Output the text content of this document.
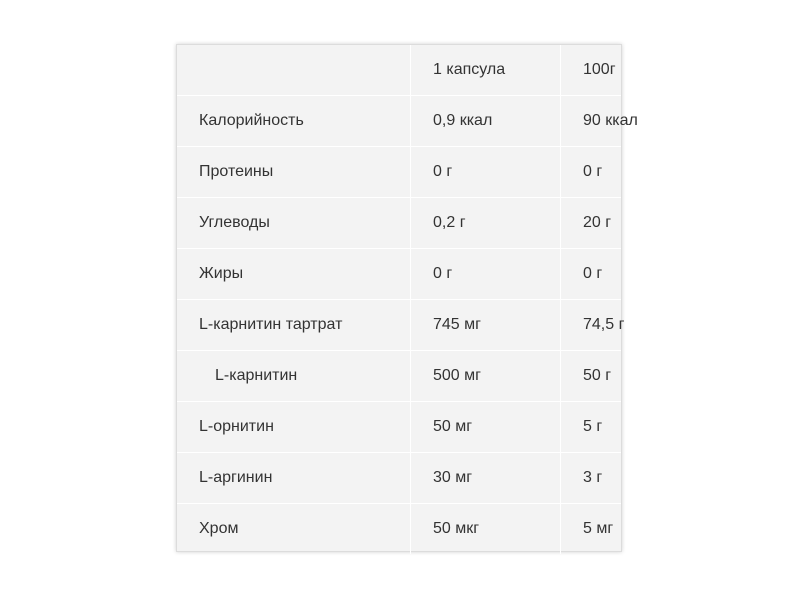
	1 капсула	100г
Калорийность	0,9 ккал	90 ккал
Протеины	0 г	0 г
Углеводы	0,2 г	20 г
Жиры	0 г	0 г
L-карнитин тартрат	745 мг	74,5 г
L-карнитин	500 мг	50 г
L-орнитин	50 мг	5 г
L-аргинин	30 мг	3 г
Хром	50 мкг	5 мг
